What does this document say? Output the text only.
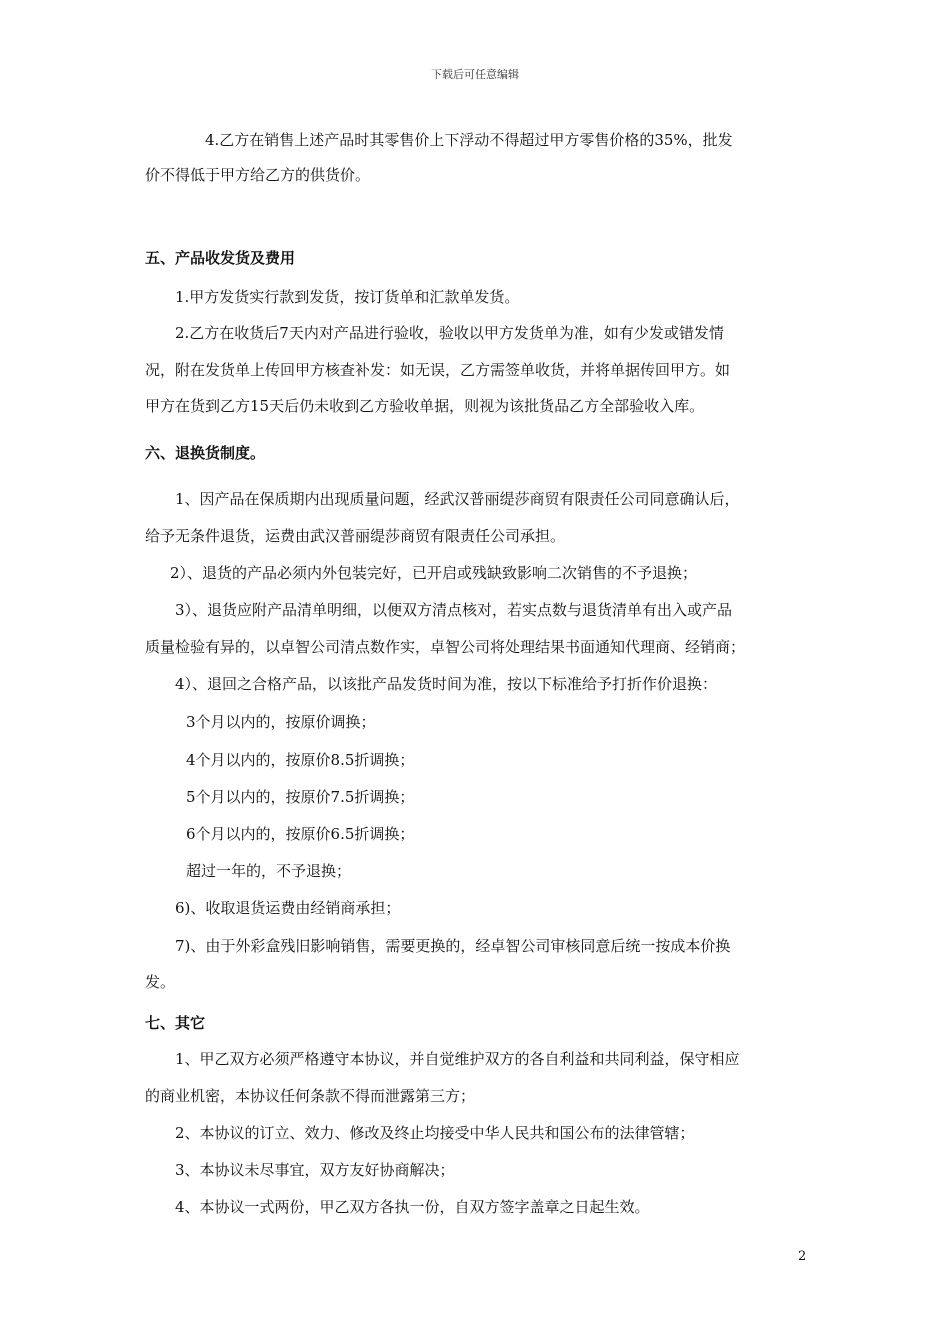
下载后可任意编辑
4.乙方在销售上述产品时其零售价上下浮动不得超过甲方零售价格的35%，批发
价不得低于甲方给乙方的供货价。
五、产品收发货及费用
1.甲方发货实行款到发货，按订货单和汇款单发货。
2.乙方在收货后7天内对产品进行验收，验收以甲方发货单为准，如有少发或错发情
况，附在发货单上传回甲方核查补发：如无误，乙方需签单收货，并将单据传回甲方。如
甲方在货到乙方15天后仍未收到乙方验收单据，则视为该批货品乙方全部验收入库。
六、退换货制度。
1、因产品在保质期内出现质量问题，经武汉普丽缇莎商贸有限责任公司同意确认后，
给予无条件退货，运费由武汉普丽缇莎商贸有限责任公司承担。
2）、退货的产品必须内外包装完好，已开启或残缺致影响二次销售的不予退换；
3）、退货应附产品清单明细，以便双方清点核对，若实点数与退货清单有出入或产品
质量检验有异的，以卓智公司清点数作实，卓智公司将处理结果书面通知代理商、经销商；
4）、退回之合格产品，以该批产品发货时间为准，按以下标准给予打折作价退换：
3个月以内的，按原价调换；
4个月以内的，按原价8.5折调换；
5个月以内的，按原价7.5折调换；
6个月以内的，按原价6.5折调换；
超过一年的，不予退换；
6)、收取退货运费由经销商承担；
7)、由于外彩盒残旧影响销售，需要更换的，经卓智公司审核同意后统一按成本价换
发。
七、其它
1、甲乙双方必须严格遵守本协议，并自觉维护双方的各自利益和共同利益，保守相应
的商业机密，本协议任何条款不得而泄露第三方；
2、本协议的订立、效力、修改及终止均接受中华人民共和国公布的法律管辖；
3、本协议未尽事宜，双方友好协商解决；
4、本协议一式两份，甲乙双方各执一份，自双方签字盖章之日起生效。
2
